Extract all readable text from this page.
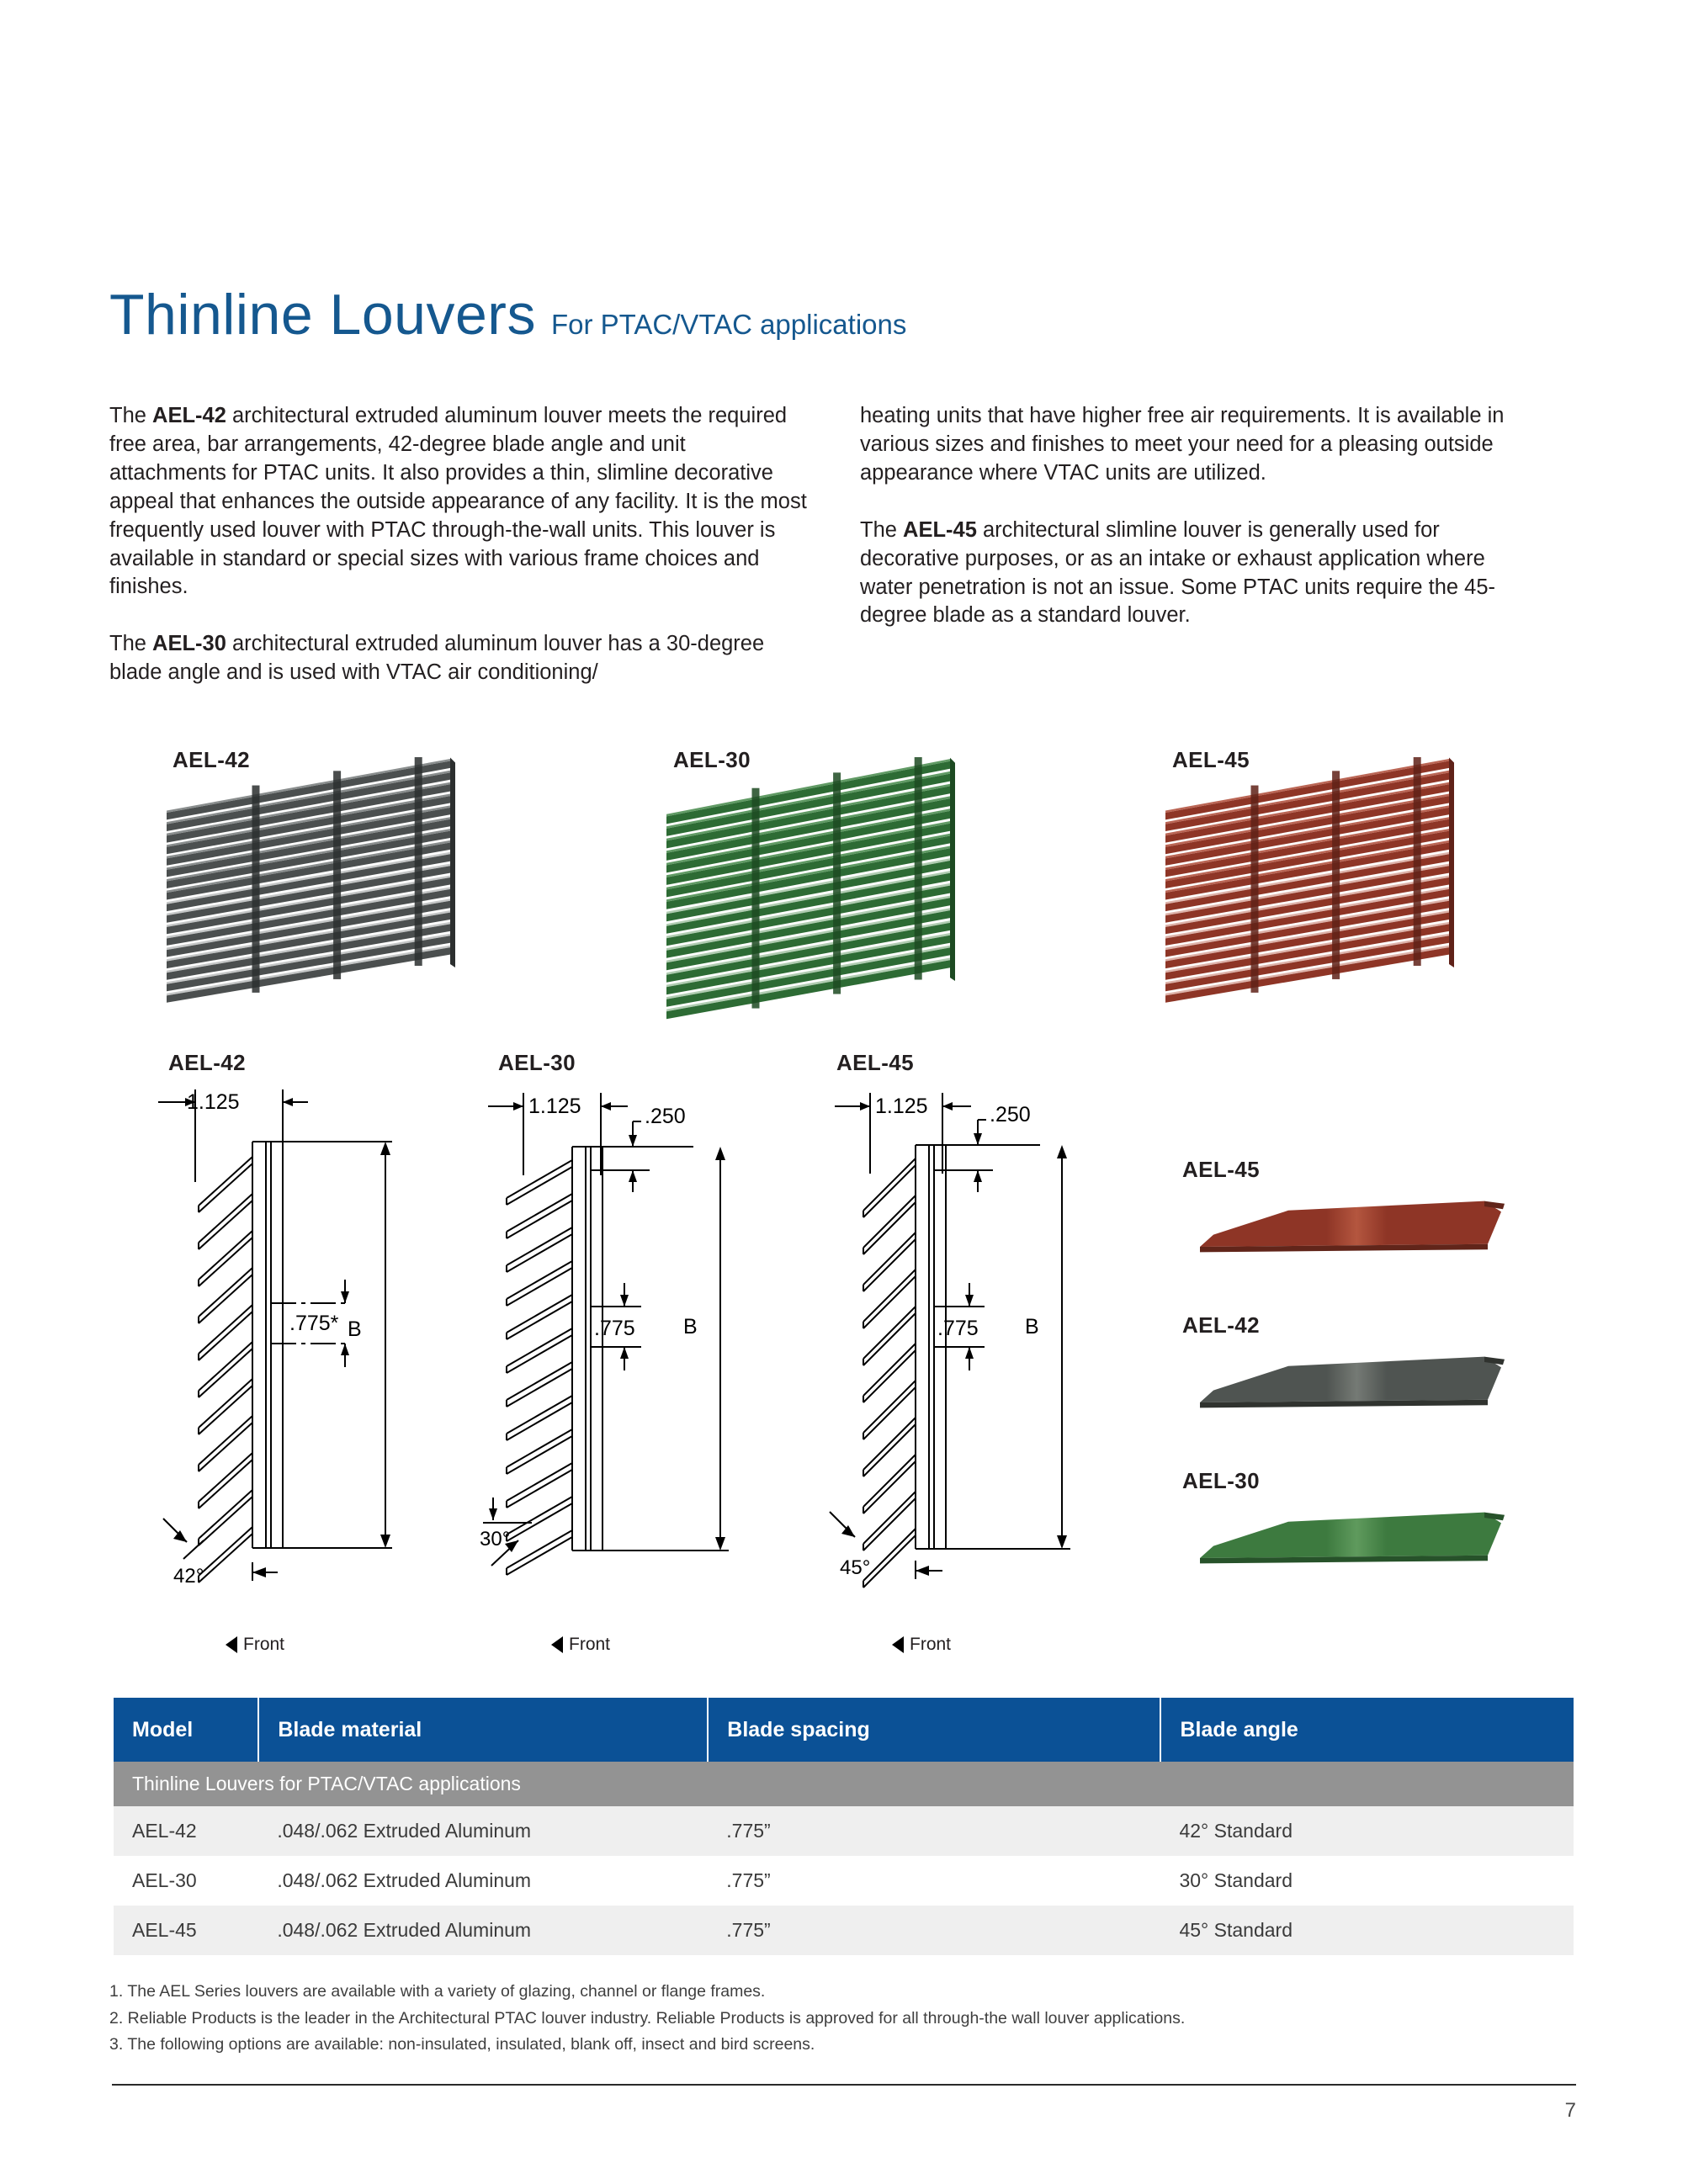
Thinline Louvers For PTAC/VTAC applications

The AEL-42 architectural extruded aluminum louver meets the required free area, bar arrangements, 42-degree blade angle and unit attachments for PTAC units. It also provides a thin, slimline decorative appeal that enhances the outside appearance of any facility. It is the most frequently used louver with PTAC through-the-wall units. This louver is available in standard or special sizes with various frame choices and finishes.

The AEL-30 architectural extruded aluminum louver has a 30-degree blade angle and is used with VTAC air conditioning/

heating units that have higher free air requirements. It is available in various sizes and finishes to meet your need for a pleasing outside appearance where VTAC units are utilized.

The AEL-45 architectural slimline louver is generally used for decorative purposes, or as an intake or exhaust application where water penetration is not an issue. Some PTAC units require the 45-degree blade as a standard louver.

AEL-42	AEL-30	AEL-45
AEL-42	AEL-30	AEL-45
1.125
.775* B
42°
1.125	.250
.775 B
30°
1.125	.250
.775 B
45°
Front	Front	Front
AEL-45
AEL-42
AEL-30
Model	Blade material	Blade spacing	Blade angle
Thinline Louvers for PTAC/VTAC applications			
AEL-42	.048/.062 Extruded Aluminum	.775”	42° Standard
AEL-30	.048/.062 Extruded Aluminum	.775”	30° Standard
AEL-45	.048/.062 Extruded Aluminum	.775”	45° Standard
1. The AEL Series louvers are available with a variety of glazing, channel or flange frames.
2. Reliable Products is the leader in the Architectural PTAC louver industry. Reliable Products is approved for all through-the wall louver applications.
3. The following options are available: non-insulated, insulated, blank off, insect and bird screens.
7
